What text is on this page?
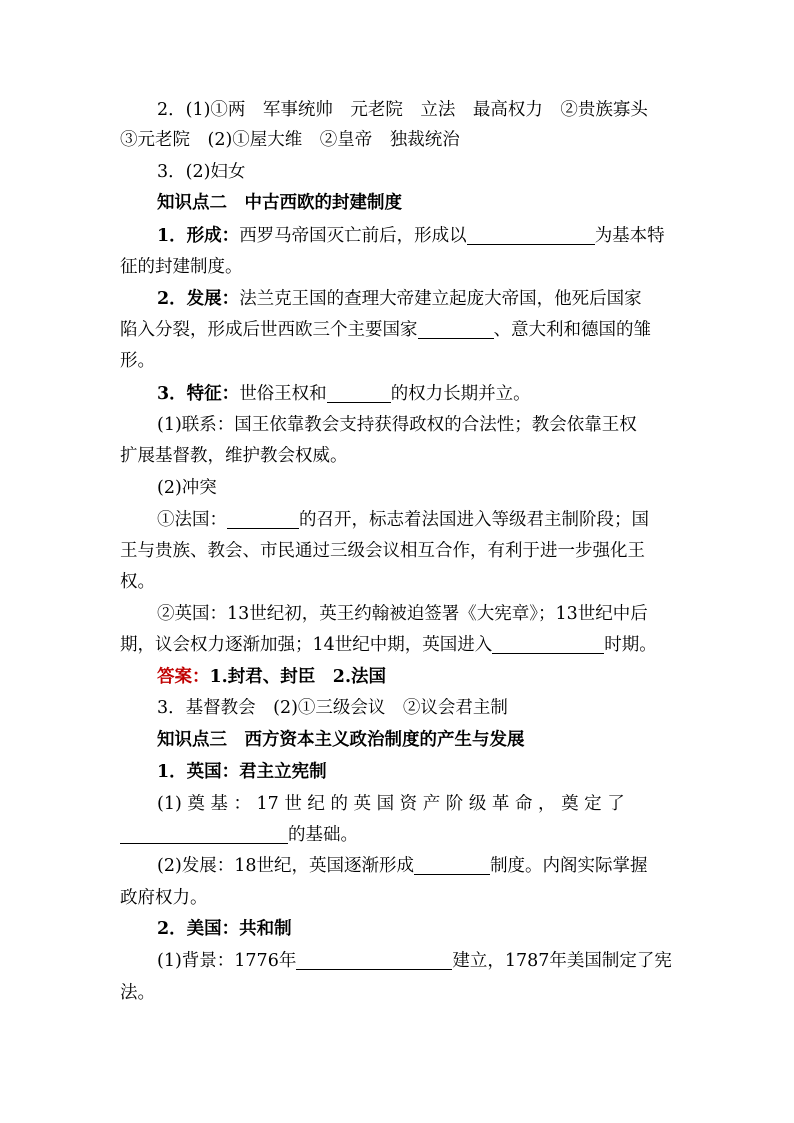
2．(1)①两　军事统帅　元老院　立法　最高权力　②贵族寡头
③元老院　(2)①屋大维　②皇帝　独裁统治
3．(2)妇女
知识点二　中古西欧的封建制度
1．形成：西罗马帝国灭亡前后，形成以	为基本特
征的封建制度。
2．发展：法兰克王国的查理大帝建立起庞大帝国，他死后国家
陷入分裂，形成后世西欧三个主要国家	、意大利和德国的雏
形。
3．特征：世俗王权和	的权力长期并立。
(1)联系：国王依靠教会支持获得政权的合法性；教会依靠王权
扩展基督教，维护教会权威。
(2)冲突
①法国：	的召开，标志着法国进入等级君主制阶段；国
王与贵族、教会、市民通过三级会议相互合作，有利于进一步强化王
权。
②英国：13世纪初，英王约翰被迫签署《大宪章》；13世纪中后
期，议会权力逐渐加强；14世纪中期，英国进入	时期。
答案：1.封君、封臣　2.法国
3．基督教会　(2)①三级会议　②议会君主制
知识点三　西方资本主义政治制度的产生与发展
1．英国：君主立宪制
(1) 奠 基 ： 17 世 纪 的 英 国 资 产 阶 级 革 命 ， 奠 定 了
的基础。
(2)发展：18世纪，英国逐渐形成	制度。内阁实际掌握
政府权力。
2．美国：共和制
(1)背景：1776年	建立，1787年美国制定了宪
法。
